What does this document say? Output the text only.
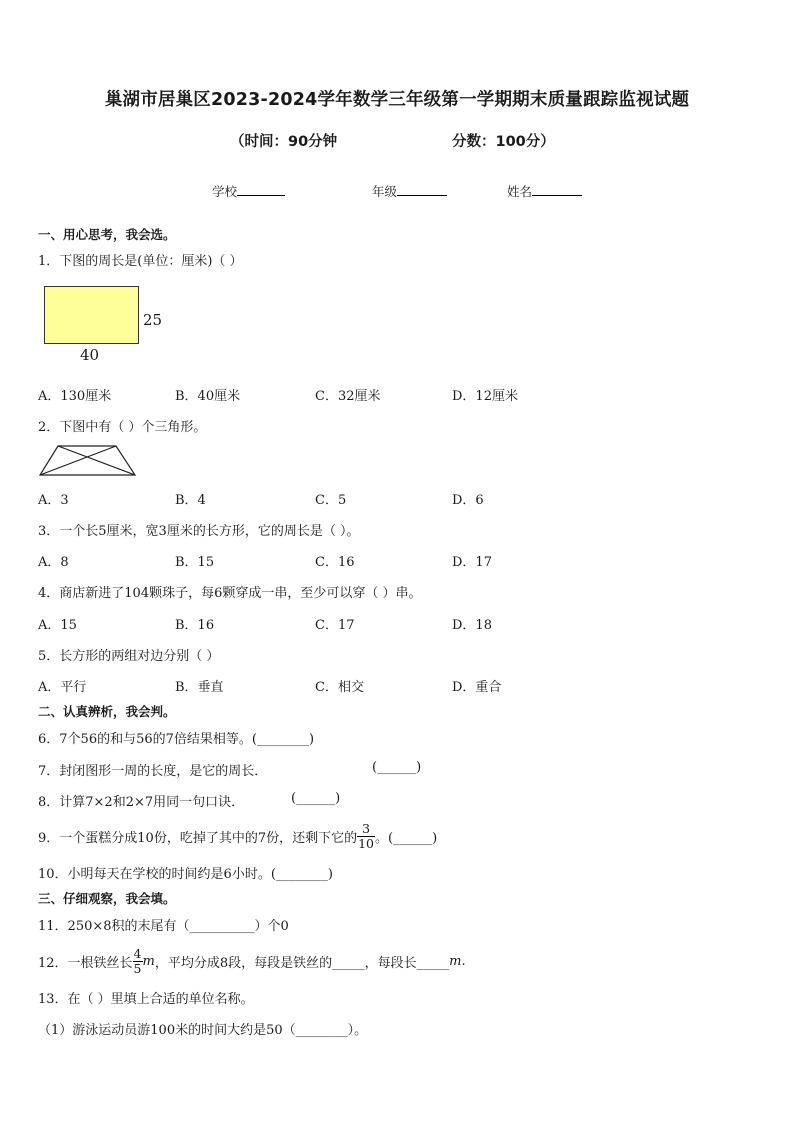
巢湖市居巢区2023-2024学年数学三年级第一学期期末质量跟踪监视试题
（时间：90分钟	分数：100分）
学校	年级	姓名
一、用心思考，我会选。
1．下图的周长是(单位：厘米)（ ）
25
40
A．130厘米	B．40厘米	C．32厘米	D．12厘米
2．下图中有（ ）个三角形。
A．3	B．4	C．5	D．6
3．一个长5厘米，宽3厘米的长方形，它的周长是（ ）。
A．8	B．15	C．16	D．17
4．商店新进了104颗珠子，每6颗穿成一串，至少可以穿（ ）串。
A．15	B．16	C．17	D．18
5．长方形的两组对边分别（ ）
A．平行	B．垂直	C．相交	D．重合
二、认真辨析，我会判。
6．7个56的和与56的7倍结果相等。(________)
7．封闭图形一周的长度，是它的周长．	(______)
8．计算7×2和2×7用同一句口诀．	(______)
9．一个蛋糕分成10份，吃掉了其中的7份，还剩下它的 $\frac{3}{10}$ 。(______)
10．小明每天在学校的时间约是6小时。(________)
三、仔细观察，我会填。
11．250×8积的末尾有（__________）个0
12．一根铁丝长 $\frac{4}{5}$ m ，平均分成8段，每段是铁丝的_____，每段长_____ m .
13．在（ ）里填上合适的单位名称。
（1）游泳运动员游100米的时间大约是50（________）。
